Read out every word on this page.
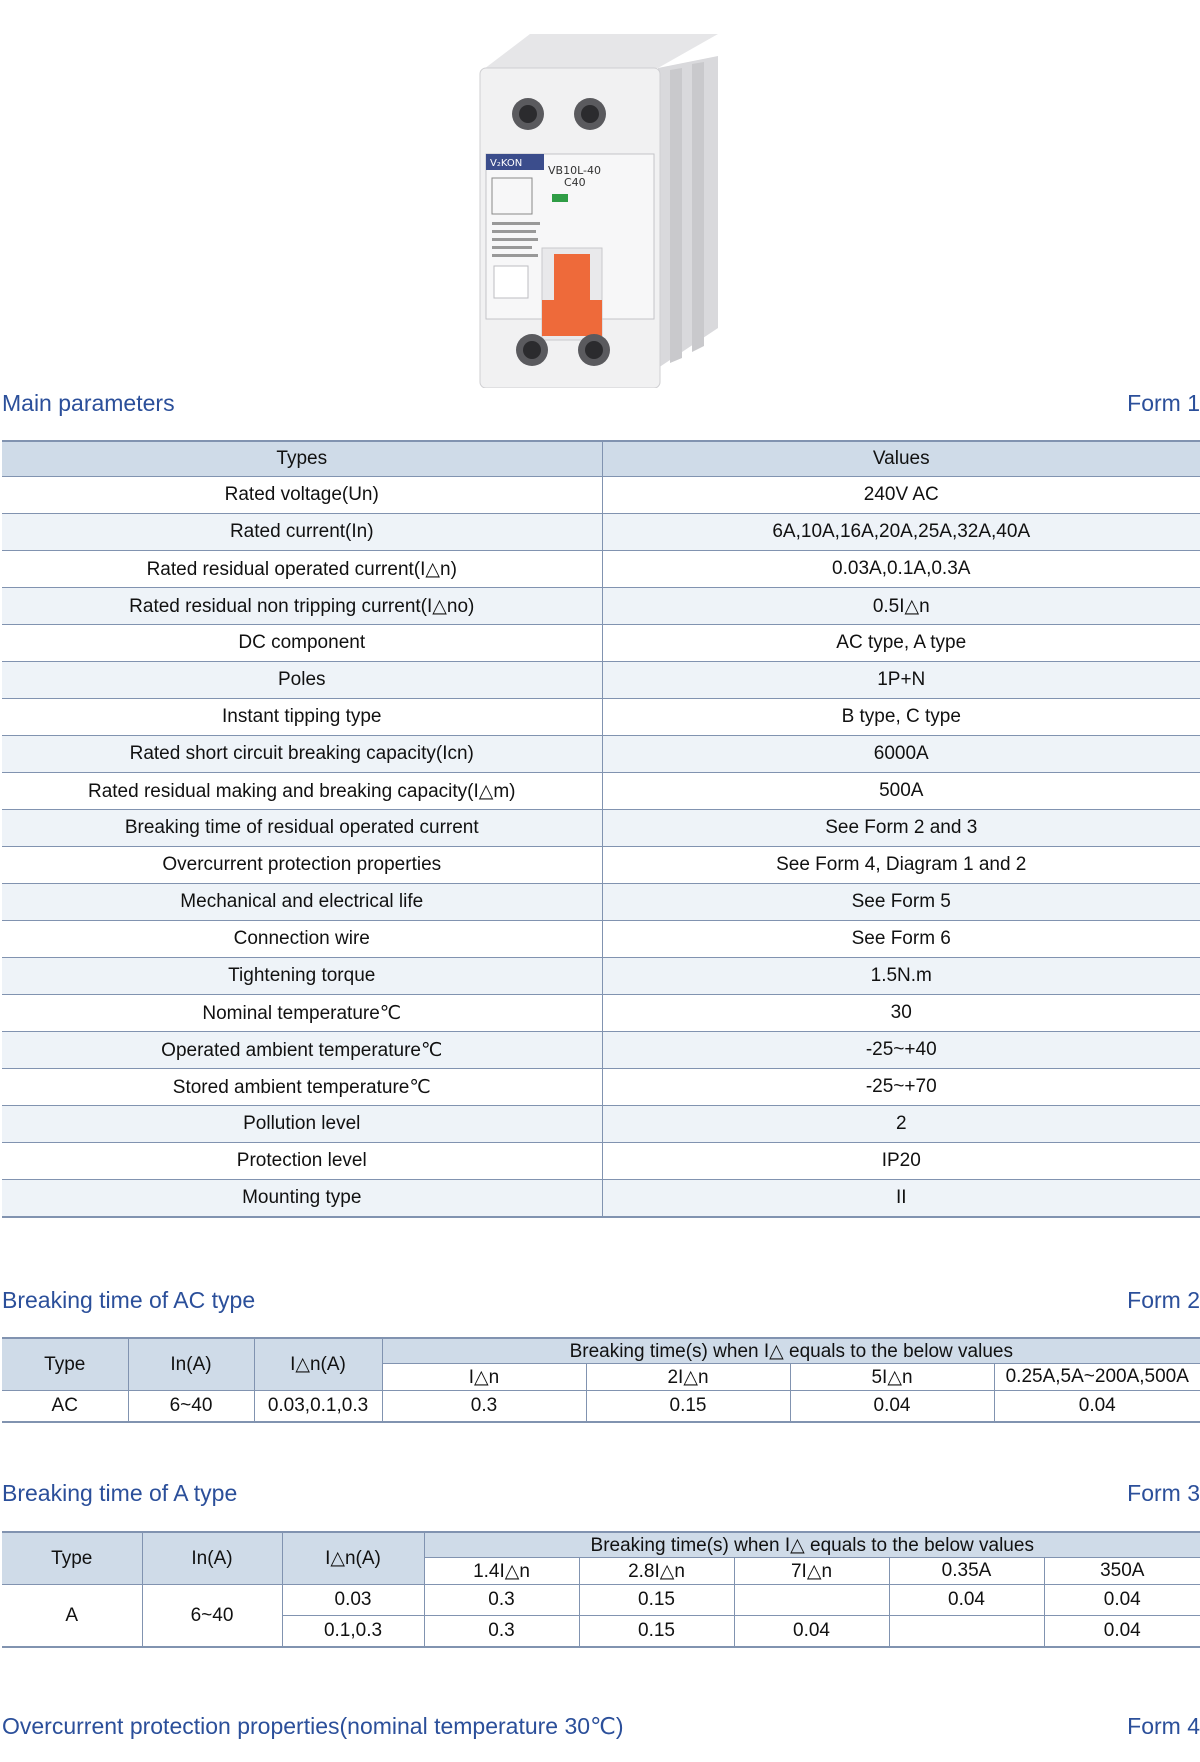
V₂KON
VB10L-40
C40
Main parameters	Form 1
Types	Values
Rated voltage(Un)	240V AC
Rated current(In)	6A,10A,16A,20A,25A,32A,40A
Rated residual operated current(I△n)	0.03A,0.1A,0.3A
Rated residual non tripping current(I△no)	0.5I△n
DC component	AC type, A type
Poles	1P+N
Instant tipping type	B type, C type
Rated short circuit breaking capacity(Icn)	6000A
Rated residual making and breaking capacity(I△m)	500A
Breaking time of residual operated current	See Form 2 and 3
Overcurrent protection properties	See Form 4, Diagram 1 and 2
Mechanical and electrical life	See Form 5
Connection wire	See Form 6
Tightening torque	1.5N.m
Nominal temperature℃	30
Operated ambient temperature℃	-25~+40
Stored ambient temperature℃	-25~+70
Pollution level	2
Protection level	IP20
Mounting type	II
Breaking time of AC type	Form 2
Type	In(A)	I△n(A)	Breaking time(s) when I△ equals to the below values			
			I△n	2I△n	5I△n	0.25A,5A~200A,500A
AC	6~40	0.03,0.1,0.3	0.3	0.15	0.04	0.04
Breaking time of A type	Form 3
Type	In(A)	I△n(A)	Breaking time(s) when I△ equals to the below values				
			1.4I△n	2.8I△n	7I△n	0.35A	350A
A	6~40	0.03	0.3	0.15		0.04	0.04
		0.1,0.3	0.3	0.15	0.04		0.04
Overcurrent protection properties(nominal temperature 30℃)	Form 4
